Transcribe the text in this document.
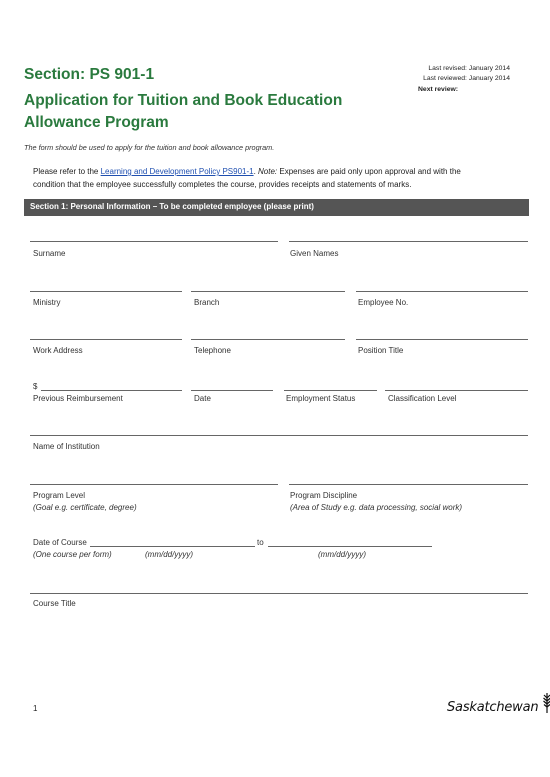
Section: PS 901-1
Application for Tuition and Book Education
Allowance Program
Last revised: January 2014
Last reviewed: January 2014
Next review:
The form should be used to apply for the tuition and book allowance program.
Please refer to the Learning and Development Policy PS901-1. Note: Expenses are paid only upon approval and with the
condition that the employee successfully completes the course, provides receipts and statements of marks.
Section 1: Personal Information – To be completed employee (please print)
Surname	Given Names
Ministry	Branch	Employee No.
Work Address	Telephone	Position Title
$
Previous Reimbursement	Date	Employment Status	Classification Level
Name of Institution
Program Level
(Goal e.g. certificate, degree)
Program Discipline
(Area of Study e.g. data processing, social work)
Date of Course	to
(One course per form)	(mm/dd/yyyy)	(mm/dd/yyyy)
Course Title
1	Saskatchewan
